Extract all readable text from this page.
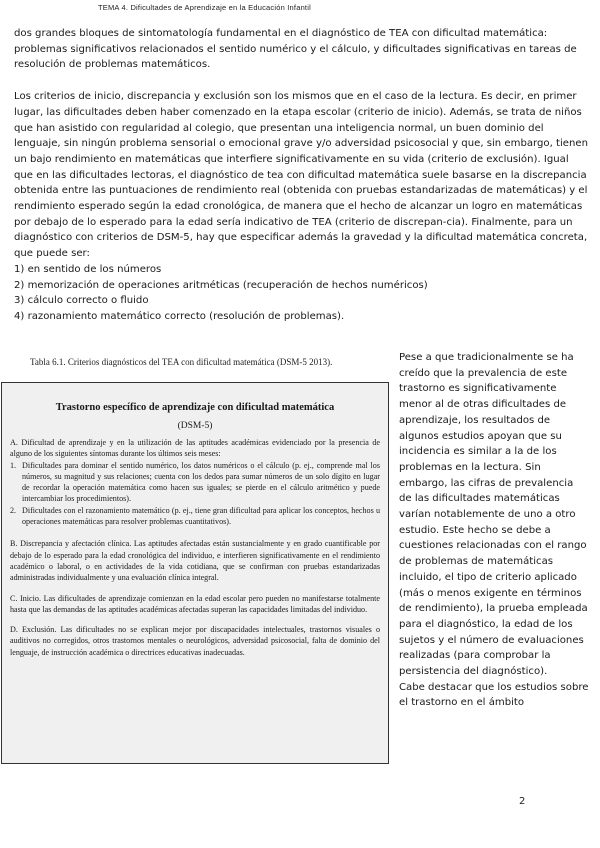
TEMA 4. Dificultades de Aprendizaje en la Educación Infantil

dos grandes bloques de sintomatología fundamental en el diagnóstico de TEA con dificultad matemática: problemas significativos relacionados el sentido numérico y el cálculo, y dificultades significativas en tareas de resolución de problemas matemáticos.

Los criterios de inicio, discrepancia y exclusión son los mismos que en el caso de la lectura. Es decir, en primer lugar, las dificultades deben haber comenzado en la etapa escolar (criterio de inicio). Además, se trata de niños que han asistido con regularidad al colegio, que presentan una inteligencia normal, un buen dominio del lenguaje, sin ningún problema sensorial o emocional grave y/o adversidad psicosocial y que, sin embargo, tienen un bajo rendimiento en matemáticas que interfiere significativamente en su vida (criterio de exclusión). Igual que en las dificultades lectoras, el diagnóstico de tea con dificultad matemática suele basarse en la discrepancia obtenida entre las puntuaciones de rendimiento real (obtenida con pruebas estandarizadas de matemáticas) y el rendimiento esperado según la edad cronológica, de manera que el hecho de alcanzar un logro en matemáticas por debajo de lo esperado para la edad sería indicativo de TEA (criterio de discrepan-cia). Finalmente, para un diagnóstico con criterios de DSM-5, hay que especificar además la gravedad y la dificultad matemática concreta, que puede ser:

1) en sentido de los números

2) memorización de operaciones aritméticas (recuperación de hechos numéricos)

3) cálculo correcto o fluido

4) razonamiento matemático correcto (resolución de problemas).

Tabla 6.1. Criterios diagnósticos del TEA con dificultad matemática (DSM-5 2013).
Trastorno específico de aprendizaje con dificultad matemática
(DSM-5)

A. Dificultad de aprendizaje y en la utilización de las aptitudes académicas evidenciado por la presencia de alguno de los siguientes síntomas durante los últimos seis meses:

1. Dificultades para dominar el sentido numérico, los datos numéricos o el cálculo (p. ej., comprende mal los números, su magnitud y sus relaciones; cuenta con los dedos para sumar números de un solo dígito en lugar de recordar la operación matemática como hacen sus iguales; se pierde en el cálculo aritmético y puede intercambiar los procedimientos).
2. Dificultades con el razonamiento matemático (p. ej., tiene gran dificultad para aplicar los conceptos, hechos u operaciones matemáticas para resolver problemas cuantitativos).

B. Discrepancia y afectación clínica. Las aptitudes afectadas están sustancialmente y en grado cuantificable por debajo de lo esperado para la edad cronológica del individuo, e interfieren significativamente en el rendimiento académico o laboral, o en actividades de la vida cotidiana, que se confirman con pruebas estandarizadas administradas individualmente y una evaluación clínica integral.

C. Inicio. Las dificultades de aprendizaje comienzan en la edad escolar pero pueden no manifestarse totalmente hasta que las demandas de las aptitudes académicas afectadas superan las capacidades limitadas del individuo.

D. Exclusión. Las dificultades no se explican mejor por discapacidades intelectuales, trastornos visuales o auditivos no corregidos, otros trastornos mentales o neurológicos, adversidad psicosocial, falta de dominio del lenguaje, de instrucción académica o directrices educativas inadecuadas.

Pese a que tradicionalmente se ha creído que la prevalencia de este trastorno es significativamente menor al de otras dificultades de aprendizaje, los resultados de algunos estudios apoyan que su incidencia es similar a la de los problemas en la lectura. Sin embargo, las cifras de prevalencia de las dificultades matemáticas varían notablemente de uno a otro estudio. Este hecho se debe a cuestiones relacionadas con el rango de problemas de matemáticas incluido, el tipo de criterio aplicado (más o menos exigente en términos de rendimiento), la prueba empleada para el diagnóstico, la edad de los sujetos y el número de evaluaciones realizadas (para comprobar la persistencia del diagnóstico).

Cabe destacar que los estudios sobre el trastorno en el ámbito

2
